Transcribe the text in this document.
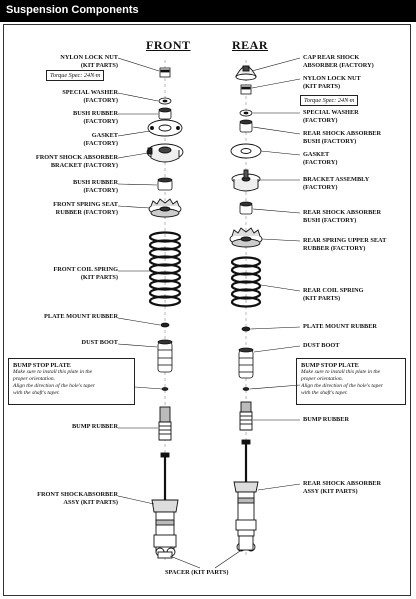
Suspension Components
FRONT	REAR
NYLON LOCK NUT
(KIT PARTS)
Torque Spec: 24N·m
SPECIAL WASHER
(FACTORY)
BUSH RUBBER
(FACTORY)
GASKET
(FACTORY)
FRONT SHOCK ABSORBER
BRACKET (FACTORY)
BUSH RUBBER
(FACTORY)
FRONT SPRING SEAT
RUBBER (FACTORY)
FRONT COIL SPRING
(KIT PARTS)
PLATE MOUNT RUBBER
DUST BOOT
BUMP STOP PLATE
Make sure to install this plate in the
proper orientation.
Align the direction of the hole's taper
with the shaft's taper.
BUMP RUBBER
FRONT SHOCKABSORBER
ASSY (KIT PARTS)
CAP REAR SHOCK
ABSORBER (FACTORY)
NYLON LOCK NUT
(KIT PARTS)
Torque Spec: 24N·m
SPECIAL WASHER
(FACTORY)
REAR SHOCK ABSORBER
BUSH (FACTORY)
GASKET
(FACTORY)
BRACKET ASSEMBLY
(FACTORY)
REAR SHOCK ABSORBER
BUSH (FACTORY)
REAR SPRING UPPER SEAT
RUBBER (FACTORY)
REAR COIL SPRING
(KIT PARTS)
PLATE MOUNT RUBBER
DUST BOOT
BUMP STOP PLATE
Make sure to install this plate in the
proper orientation.
Align the direction of the hole's taper
with the shaft's taper.
BUMP RUBBER
REAR SHOCK ABSORBER
ASSY (KIT PARTS)
SPACER (KIT PARTS)
